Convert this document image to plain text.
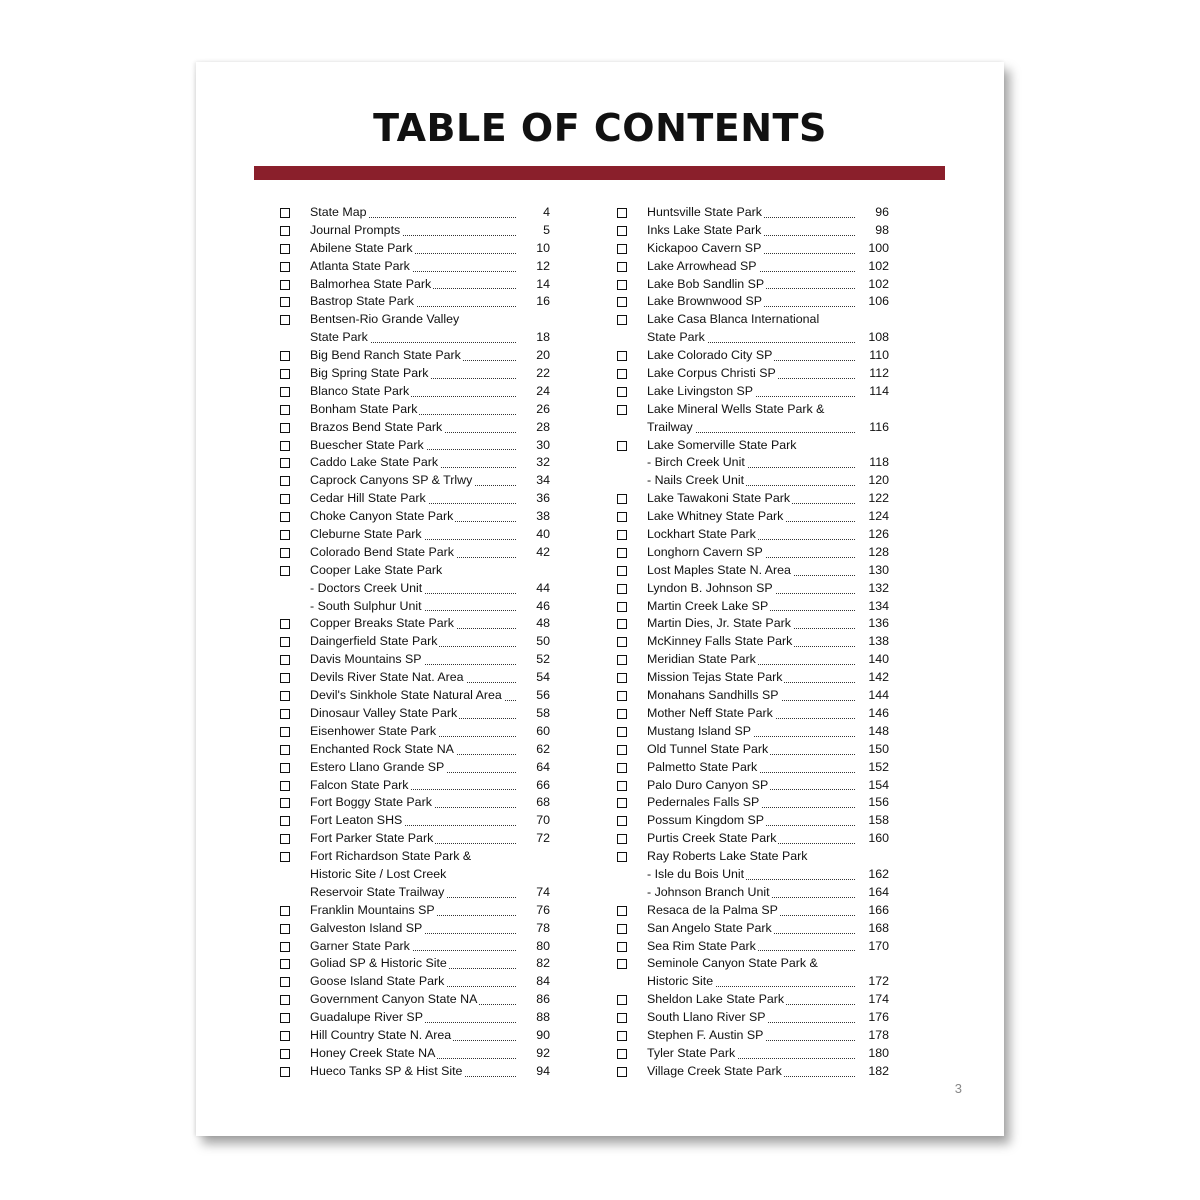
TABLE OF CONTENTS
State Map	4
Journal Prompts	5
Abilene State Park	10
Atlanta State Park	12
Balmorhea State Park	14
Bastrop State Park	16
Bentsen-Rio Grande Valley
State Park	18
Big Bend Ranch State Park	20
Big Spring State Park	22
Blanco State Park	24
Bonham State Park	26
Brazos Bend State Park	28
Buescher State Park	30
Caddo Lake State Park	32
Caprock Canyons SP & Trlwy	34
Cedar Hill State Park	36
Choke Canyon State Park	38
Cleburne State Park	40
Colorado Bend State Park	42
Cooper Lake State Park
- Doctors Creek Unit	44
- South Sulphur Unit	46
Copper Breaks State Park	48
Daingerfield State Park	50
Davis Mountains SP	52
Devils River State Nat. Area	54
Devil's Sinkhole State Natural Area	56
Dinosaur Valley State Park	58
Eisenhower State Park	60
Enchanted Rock State NA	62
Estero Llano Grande SP	64
Falcon State Park	66
Fort Boggy State Park	68
Fort Leaton SHS	70
Fort Parker State Park	72
Fort Richardson State Park &
Historic Site / Lost Creek
Reservoir State Trailway	74
Franklin Mountains SP	76
Galveston Island SP	78
Garner State Park	80
Goliad SP & Historic Site	82
Goose Island State Park	84
Government Canyon State NA	86
Guadalupe River SP	88
Hill Country State N. Area	90
Honey Creek State NA	92
Hueco Tanks SP & Hist Site	94
Huntsville State Park	96
Inks Lake State Park	98
Kickapoo Cavern SP	100
Lake Arrowhead SP	102
Lake Bob Sandlin SP	102
Lake Brownwood SP	106
Lake Casa Blanca International
State Park	108
Lake Colorado City SP	110
Lake Corpus Christi SP	112
Lake Livingston SP	114
Lake Mineral Wells State Park &
Trailway	116
Lake Somerville State Park
- Birch Creek Unit	118
- Nails Creek Unit	120
Lake Tawakoni State Park	122
Lake Whitney State Park	124
Lockhart State Park	126
Longhorn Cavern SP	128
Lost Maples State N. Area	130
Lyndon B. Johnson SP	132
Martin Creek Lake SP	134
Martin Dies, Jr. State Park	136
McKinney Falls State Park	138
Meridian State Park	140
Mission Tejas State Park	142
Monahans Sandhills SP	144
Mother Neff State Park	146
Mustang Island SP	148
Old Tunnel State Park	150
Palmetto State Park	152
Palo Duro Canyon SP	154
Pedernales Falls SP	156
Possum Kingdom SP	158
Purtis Creek State Park	160
Ray Roberts Lake State Park
- Isle du Bois Unit	162
- Johnson Branch Unit	164
Resaca de la Palma SP	166
San Angelo State Park	168
Sea Rim State Park	170
Seminole Canyon State Park &
Historic Site	172
Sheldon Lake State Park	174
South Llano River SP	176
Stephen F. Austin SP	178
Tyler State Park	180
Village Creek State Park	182
3
